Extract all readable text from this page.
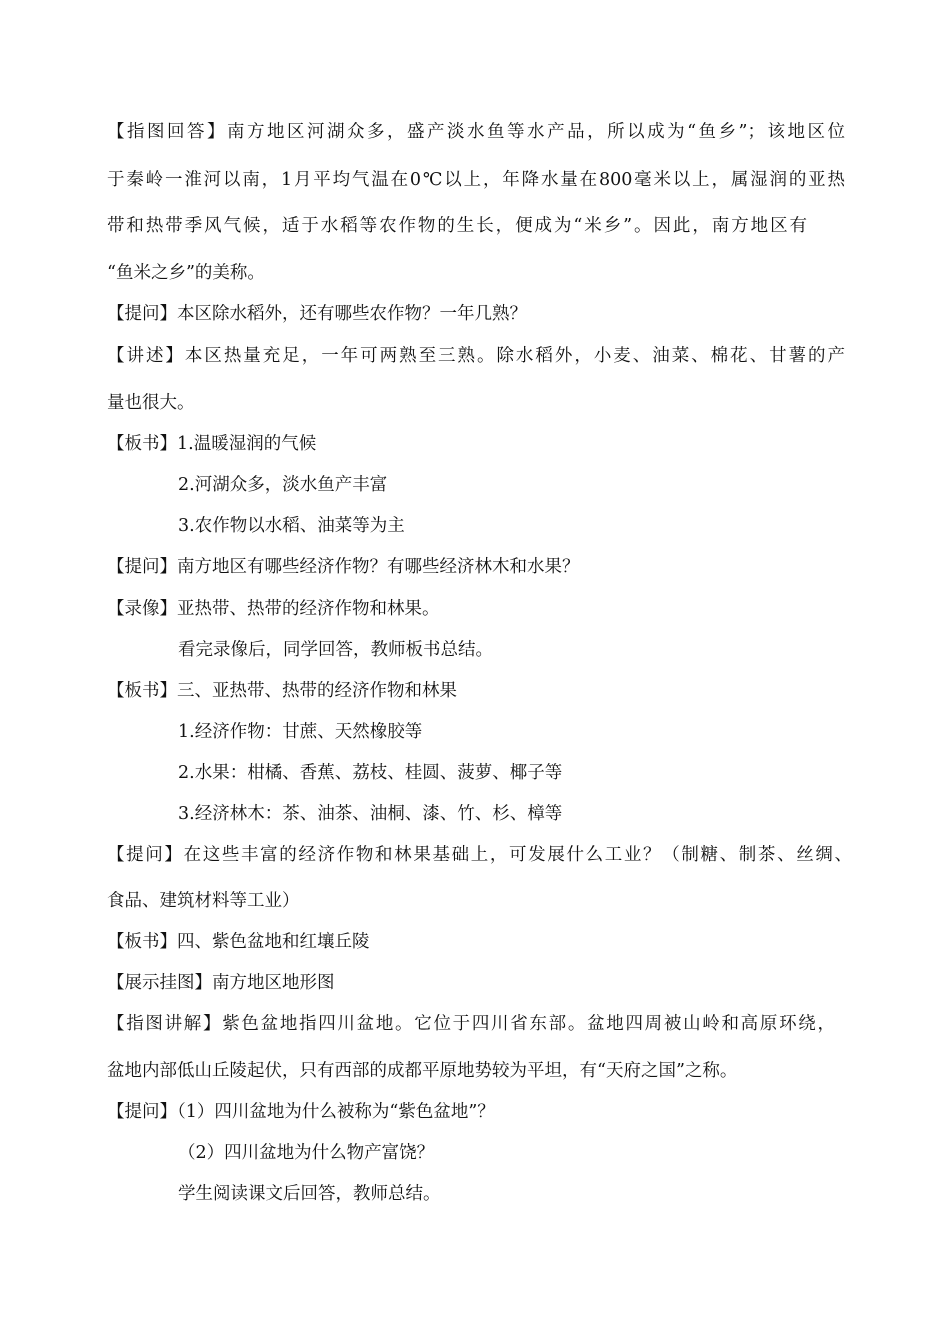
【指图回答】南方地区河湖众多，盛产淡水鱼等水产品，所以成为“鱼乡”；该地区位
于秦岭一淮河以南，1月平均气温在0℃以上，年降水量在800毫米以上，属湿润的亚热
带和热带季风气候，适于水稻等农作物的生长，便成为“米乡”。因此，南方地区有
“鱼米之乡”的美称。
【提问】本区除水稻外，还有哪些农作物？一年几熟？
【讲述】本区热量充足，一年可两熟至三熟。除水稻外，小麦、油菜、棉花、甘薯的产
量也很大。
【板书】1.温暖湿润的气候
2.河湖众多，淡水鱼产丰富
3.农作物以水稻、油菜等为主
【提问】南方地区有哪些经济作物？有哪些经济林木和水果？
【录像】亚热带、热带的经济作物和林果。
看完录像后，同学回答，教师板书总结。
【板书】三、亚热带、热带的经济作物和林果
1.经济作物：甘蔗、天然橡胶等
2.水果：柑橘、香蕉、荔枝、桂圆、菠萝、椰子等
3.经济林木：茶、油茶、油桐、漆、竹、杉、樟等
【提问】在这些丰富的经济作物和林果基础上，可发展什么工业？（制糖、制茶、丝绸、
食品、建筑材料等工业）
【板书】四、紫色盆地和红壤丘陵
【展示挂图】南方地区地形图
【指图讲解】紫色盆地指四川盆地。它位于四川省东部。盆地四周被山岭和高原环绕，
盆地内部低山丘陵起伏，只有西部的成都平原地势较为平坦，有“天府之国”之称。
【提问】（1）四川盆地为什么被称为“紫色盆地”？
（2）四川盆地为什么物产富饶？
学生阅读课文后回答，教师总结。
